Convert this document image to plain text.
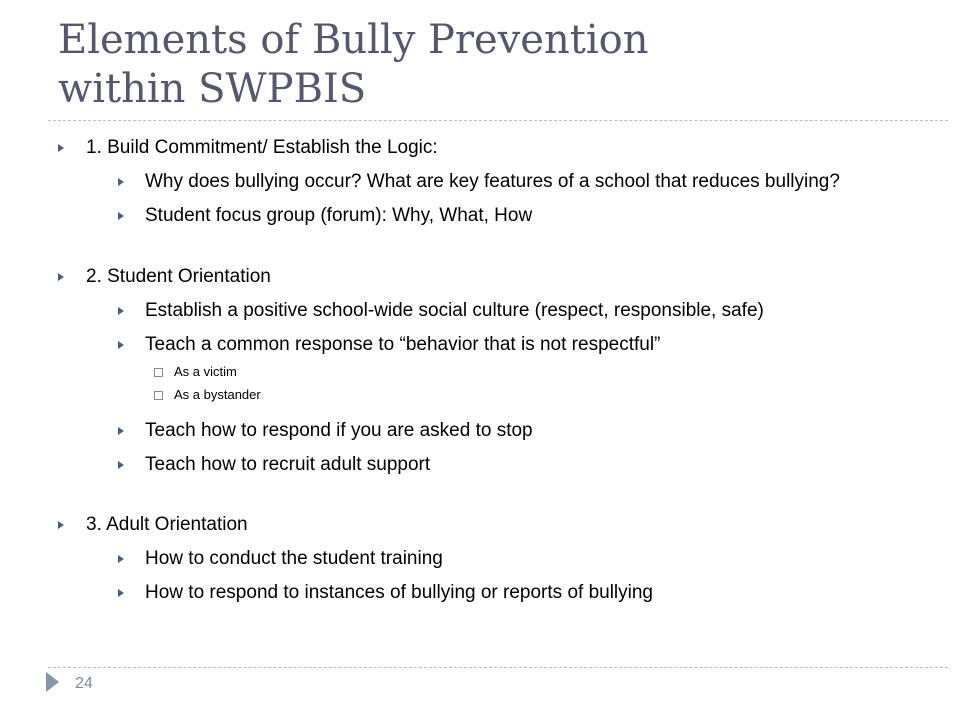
Elements of Bully Prevention
within SWPBIS
1. Build Commitment/ Establish the Logic:
Why does bullying occur? What are key features of a school that reduces bullying?
Student focus group (forum): Why, What, How
2. Student Orientation
Establish a positive school-wide social culture (respect, responsible, safe)
Teach a common response to “behavior that is not respectful”
As a victim
As a bystander
Teach how to respond if you are asked to stop
Teach how to recruit adult support
3. Adult Orientation
How to conduct the student training
How to respond to instances of bullying or reports of bullying
24
